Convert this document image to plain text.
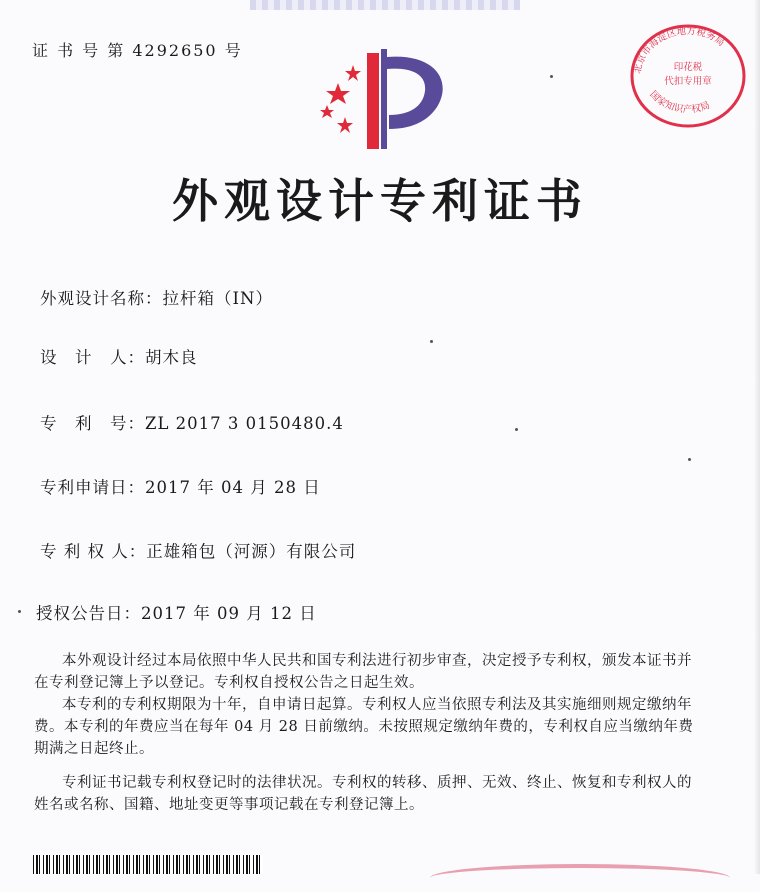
证 书 号 第 4292650 号
北京市海淀区地方税务局
印花税
代扣专用章
国家知识产权局
外观设计专利证书
外观设计名称：拉杆箱（IN）
设　计　人：胡木良
专　利　号：ZL 2017 3 0150480.4
专利申请日：2017 年 04 月 28 日
专 利 权 人：正雄箱包（河源）有限公司
授权公告日：2017 年 09 月 12 日
本外观设计经过本局依照中华人民共和国专利法进行初步审查，决定授予专利权，颁发本证书并在专利登记簿上予以登记。专利权自授权公告之日起生效。
本专利的专利权期限为十年，自申请日起算。专利权人应当依照专利法及其实施细则规定缴纳年费。本专利的年费应当在每年 04 月 28 日前缴纳。未按照规定缴纳年费的，专利权自应当缴纳年费期满之日起终止。
专利证书记载专利权登记时的法律状况。专利权的转移、质押、无效、终止、恢复和专利权人的姓名或名称、国籍、地址变更等事项记载在专利登记簿上。
